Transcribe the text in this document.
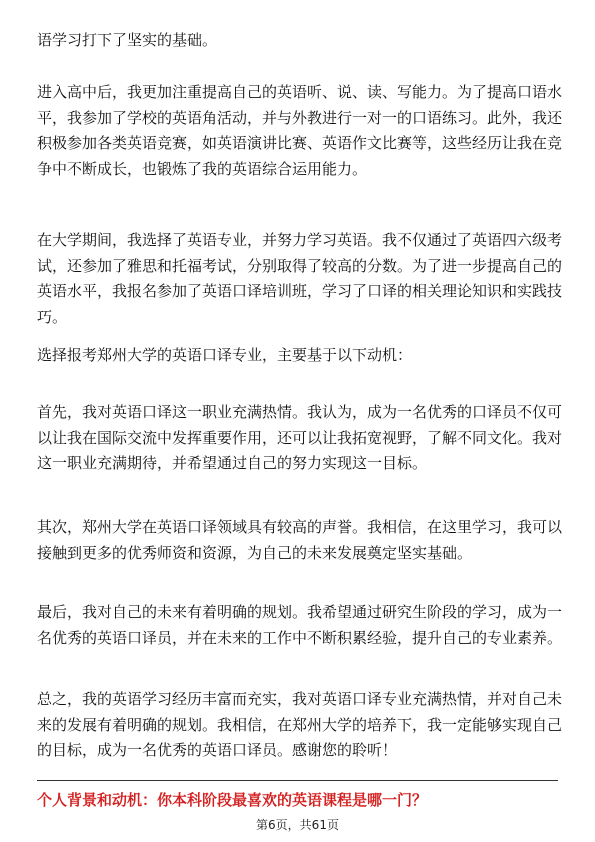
语学习打下了坚实的基础。

进入高中后，我更加注重提高自己的英语听、说、读、写能力。为了提高口语水平，我参加了学校的英语角活动，并与外教进行一对一的口语练习。此外，我还积极参加各类英语竞赛，如英语演讲比赛、英语作文比赛等，这些经历让我在竞争中不断成长，也锻炼了我的英语综合运用能力。

在大学期间，我选择了英语专业，并努力学习英语。我不仅通过了英语四六级考试，还参加了雅思和托福考试，分别取得了较高的分数。为了进一步提高自己的英语水平，我报名参加了英语口译培训班，学习了口译的相关理论知识和实践技巧。

选择报考郑州大学的英语口译专业，主要基于以下动机：

首先，我对英语口译这一职业充满热情。我认为，成为一名优秀的口译员不仅可以让我在国际交流中发挥重要作用，还可以让我拓宽视野，了解不同文化。我对这一职业充满期待，并希望通过自己的努力实现这一目标。

其次，郑州大学在英语口译领域具有较高的声誉。我相信，在这里学习，我可以接触到更多的优秀师资和资源，为自己的未来发展奠定坚实基础。

最后，我对自己的未来有着明确的规划。我希望通过研究生阶段的学习，成为一名优秀的英语口译员，并在未来的工作中不断积累经验，提升自己的专业素养。

总之，我的英语学习经历丰富而充实，我对英语口译专业充满热情，并对自己未来的发展有着明确的规划。我相信，在郑州大学的培养下，我一定能够实现自己的目标，成为一名优秀的英语口译员。感谢您的聆听！

个人背景和动机：你本科阶段最喜欢的英语课程是哪一门？

第6页，共61页
